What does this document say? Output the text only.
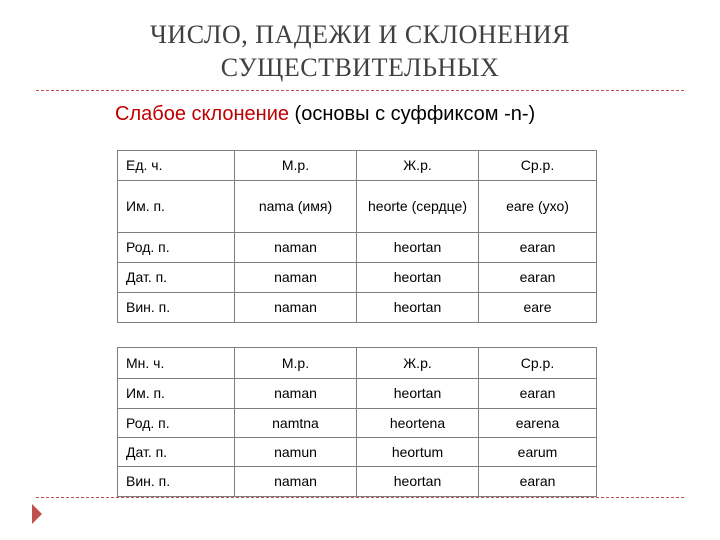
ЧИСЛО, ПАДЕЖИ И СКЛОНЕНИЯ
СУЩЕСТВИТЕЛЬНЫХ
Слабое склонение (основы с суффиксом -n-)
Ед. ч.	М.р.	Ж.р.	Ср.р.
Им. п.	nama (имя)	heorte (сердце)	eare (ухо)
Род. п.	naman	heortan	earan
Дат. п.	naman	heortan	earan
Вин. п.	naman	heortan	eare
Мн. ч.	М.р.	Ж.р.	Ср.р.
Им. п.	naman	heortan	earan
Род. п.	namtna	heortena	earena
Дат. п.	namun	heortum	earum
Вин. п.	naman	heortan	earan
